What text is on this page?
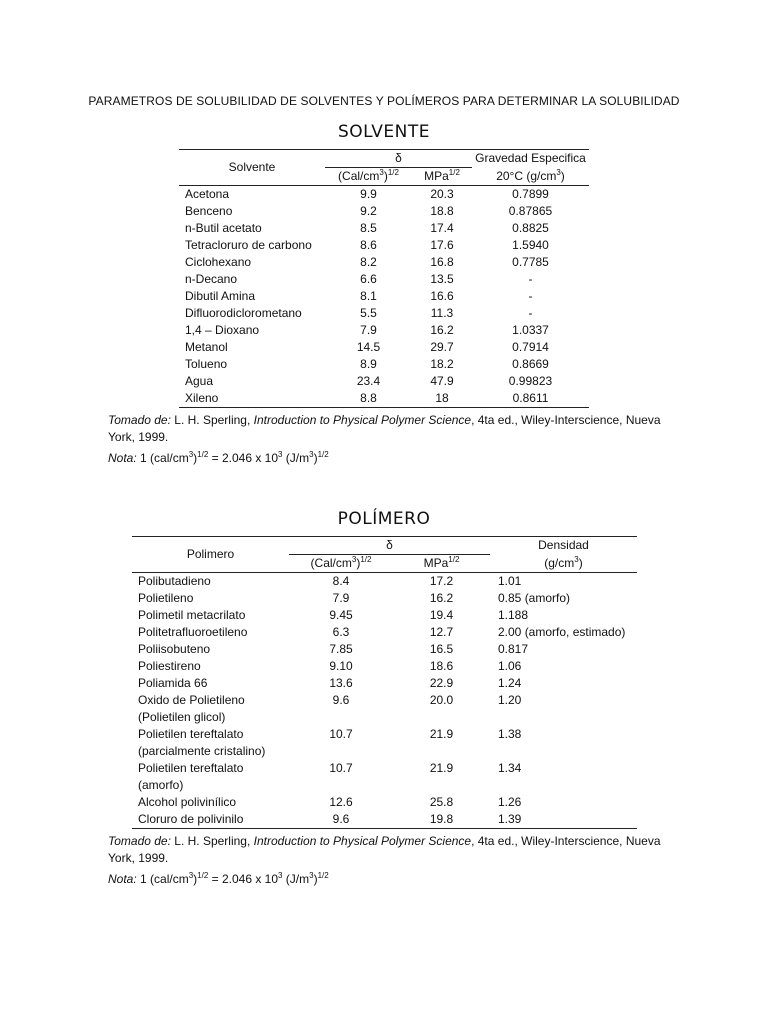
PARAMETROS DE SOLUBILIDAD DE SOLVENTES Y POLÍMEROS PARA DETERMINAR LA SOLUBILIDAD
SOLVENTE
Solvente	δ		Gravedad Especifica
	$(Cal/cm^3)^{1/2}$	MPa$^{1/2}$	20°C $(g/cm^3)$
Acetona	9.9	20.3	0.7899
Benceno	9.2	18.8	0.87865
n-Butil acetato	8.5	17.4	0.8825
Tetracloruro de carbono	8.6	17.6	1.5940
Ciclohexano	8.2	16.8	0.7785
n-Decano	6.6	13.5	-
Dibutil Amina	8.1	16.6	-
Difluorodiclorometano	5.5	11.3	-
1,4 – Dioxano	7.9	16.2	1.0337
Metanol	14.5	29.7	0.7914
Tolueno	8.9	18.2	0.8669
Agua	23.4	47.9	0.99823
Xileno	8.8	18	0.8611
Tomado de: L. H. Sperling, Introduction to Physical Polymer Science, 4ta ed., Wiley-Interscience, Nueva York, 1999.
Nota: 1 $(cal/cm^3)^{1/2} = 2.046$ x $10^3$ $(J/m^3)^{1/2}$
POLÍMERO
Polimero	δ		Densidad
	$(Cal/cm^3)^{1/2}$	MPa$^{1/2}$	$(g/cm^3)$

Polibutadieno	8.4	17.2	1.01

Polietileno	7.9	16.2	0.85 (amorfo)

Polimetil metacrilato	9.45	19.4	1.188

Politetrafluoroetileno	6.3	12.7	2.00 (amorfo, estimado)

Poliisobuteno	7.85	16.5	0.817

Poliestireno	9.10	18.6	1.06

Poliamida 66	13.6	22.9	1.24

Oxido de Polietileno
(Polietilen glicol)	9.6	20.0	1.20

Polietilen tereftalato
(parcialmente cristalino)	10.7	21.9	1.38

Polietilen tereftalato
(amorfo)	10.7	21.9	1.34

Alcohol polivinílico	12.6	25.8	1.26

Cloruro de polivinilo	9.6	19.8	1.39
Tomado de: L. H. Sperling, Introduction to Physical Polymer Science, 4ta ed., Wiley-Interscience, Nueva York, 1999.
Nota: 1 $(cal/cm^3)^{1/2} = 2.046$ x $10^3$ $(J/m^3)^{1/2}$
